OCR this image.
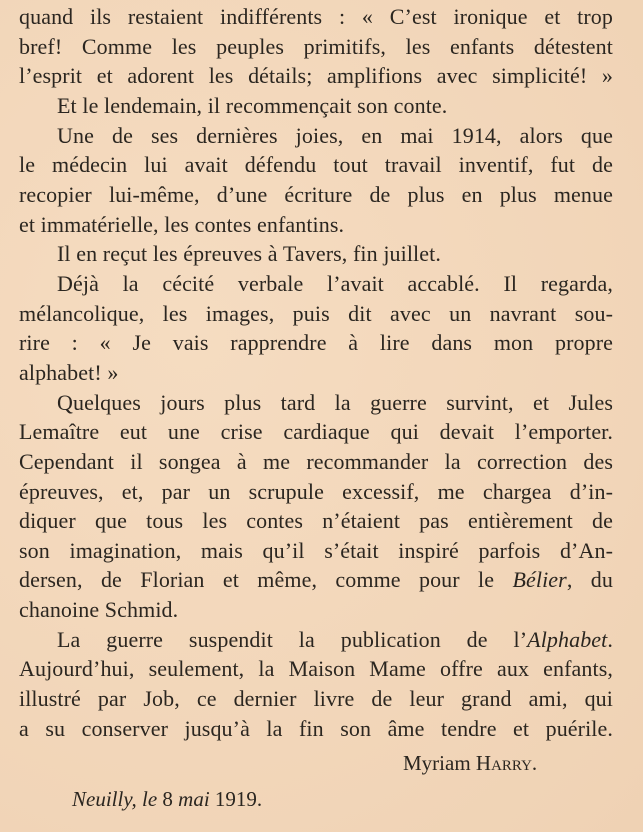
quand ils restaient indifférents : « C’est ironique et trop
bref! Comme les peuples primitifs, les enfants détestent
l’esprit et adorent les détails; amplifions avec simplicité! »
Et le lendemain, il recommençait son conte.
Une de ses dernières joies, en mai 1914, alors que
le médecin lui avait défendu tout travail inventif, fut de
recopier lui-même, d’une écriture de plus en plus menue
et immatérielle, les contes enfantins.
Il en reçut les épreuves à Tavers, fin juillet.
Déjà la cécité verbale l’avait accablé. Il regarda,
mélancolique, les images, puis dit avec un navrant sou-
rire : « Je vais rapprendre à lire dans mon propre
alphabet! »
Quelques jours plus tard la guerre survint, et Jules
Lemaître eut une crise cardiaque qui devait l’emporter.
Cependant il songea à me recommander la correction des
épreuves, et, par un scrupule excessif, me chargea d’in-
diquer que tous les contes n’étaient pas entièrement de
son imagination, mais qu’il s’était inspiré parfois d’An-
dersen, de Florian et même, comme pour le Bélier, du
chanoine Schmid.
La guerre suspendit la publication de l’Alphabet.
Aujourd’hui, seulement, la Maison Mame offre aux enfants,
illustré par Job, ce dernier livre de leur grand ami, qui
a su conserver jusqu’à la fin son âme tendre et puérile.
Myriam Harry.
Neuilly, le 8 mai 1919.
